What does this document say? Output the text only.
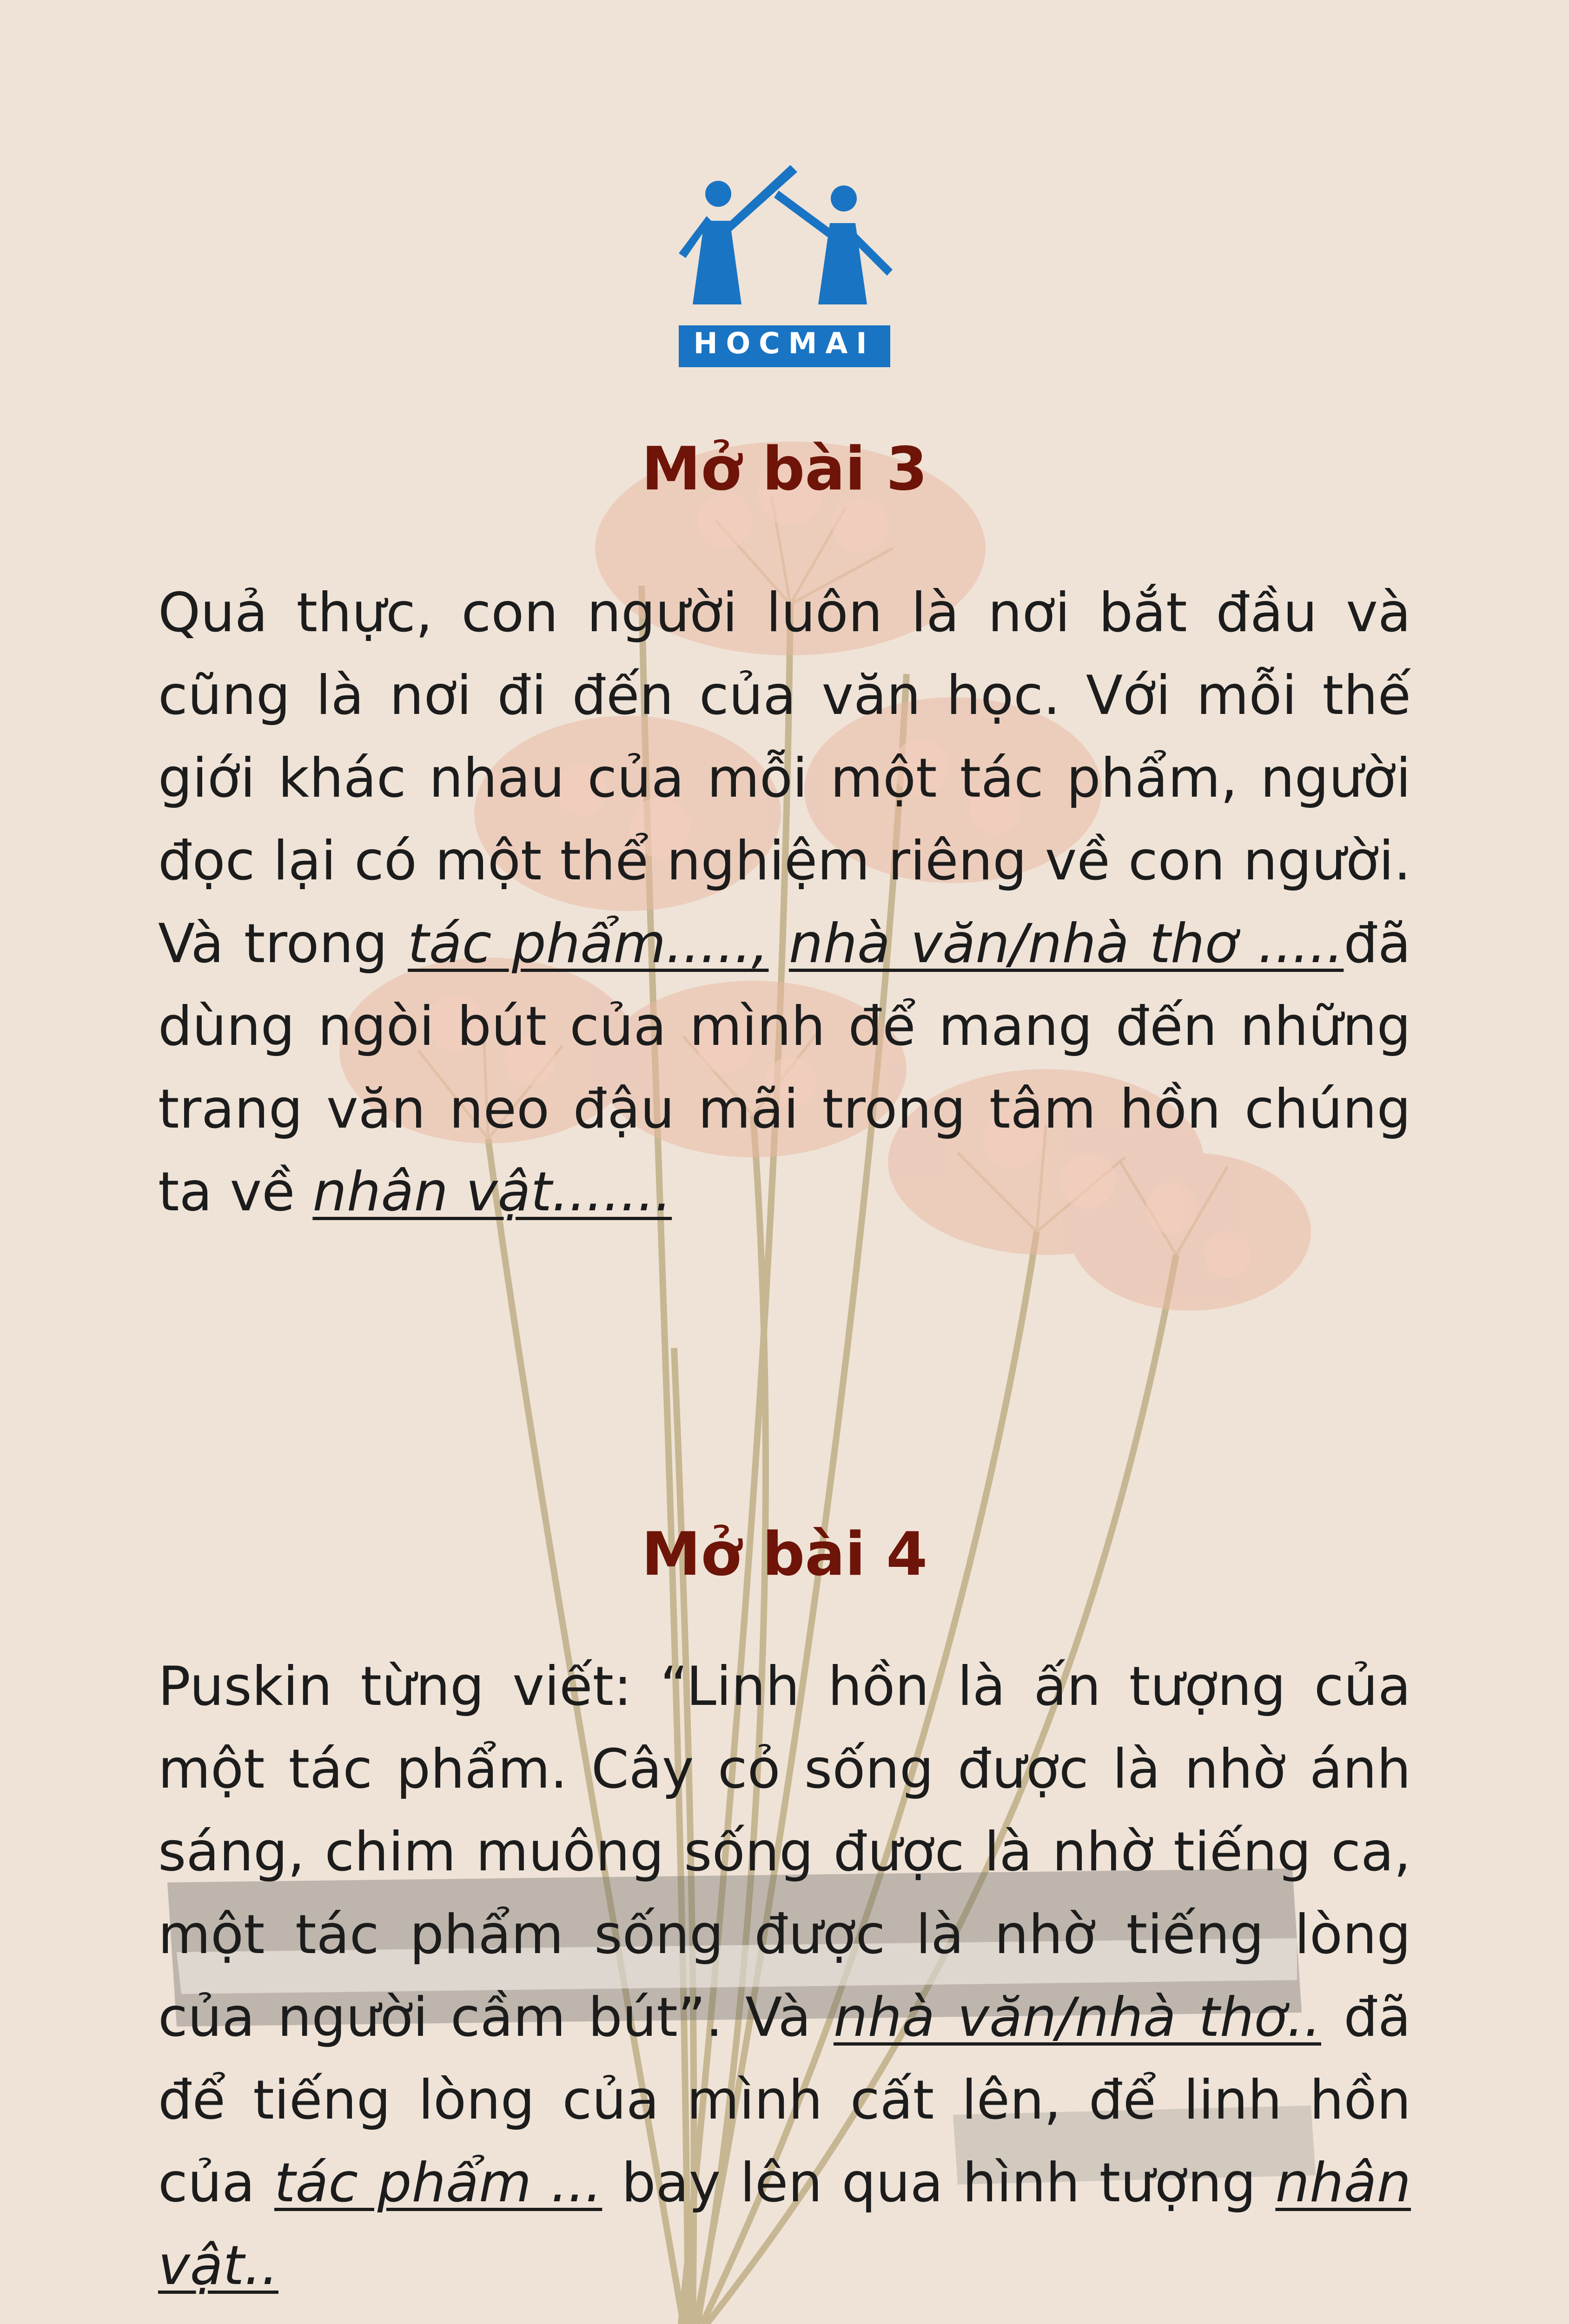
HOCMAI
Mở bài 3

Quả thực, con người luôn là nơi bắt đầu và cũng là nơi đi đến của văn học. Với mỗi thế giới khác nhau của mỗi một tác phẩm, người đọc lại có một thể nghiệm riêng về con người. Và trong tác phẩm....., nhà văn/nhà thơ .....đã dùng ngòi bút của mình để mang đến những trang văn neo đậu mãi trong tâm hồn chúng ta về nhân vật.......

Mở bài 4

Puskin từng viết: “Linh hồn là ấn tượng của một tác phẩm. Cây cỏ sống được là nhờ ánh sáng, chim muông sống được là nhờ tiếng ca, một tác phẩm sống được là nhờ tiếng lòng của người cầm bút”. Và nhà văn/nhà thơ.. đã để tiếng lòng của mình cất lên, để linh hồn của tác phẩm ... bay lên qua hình tượng nhân vật..
